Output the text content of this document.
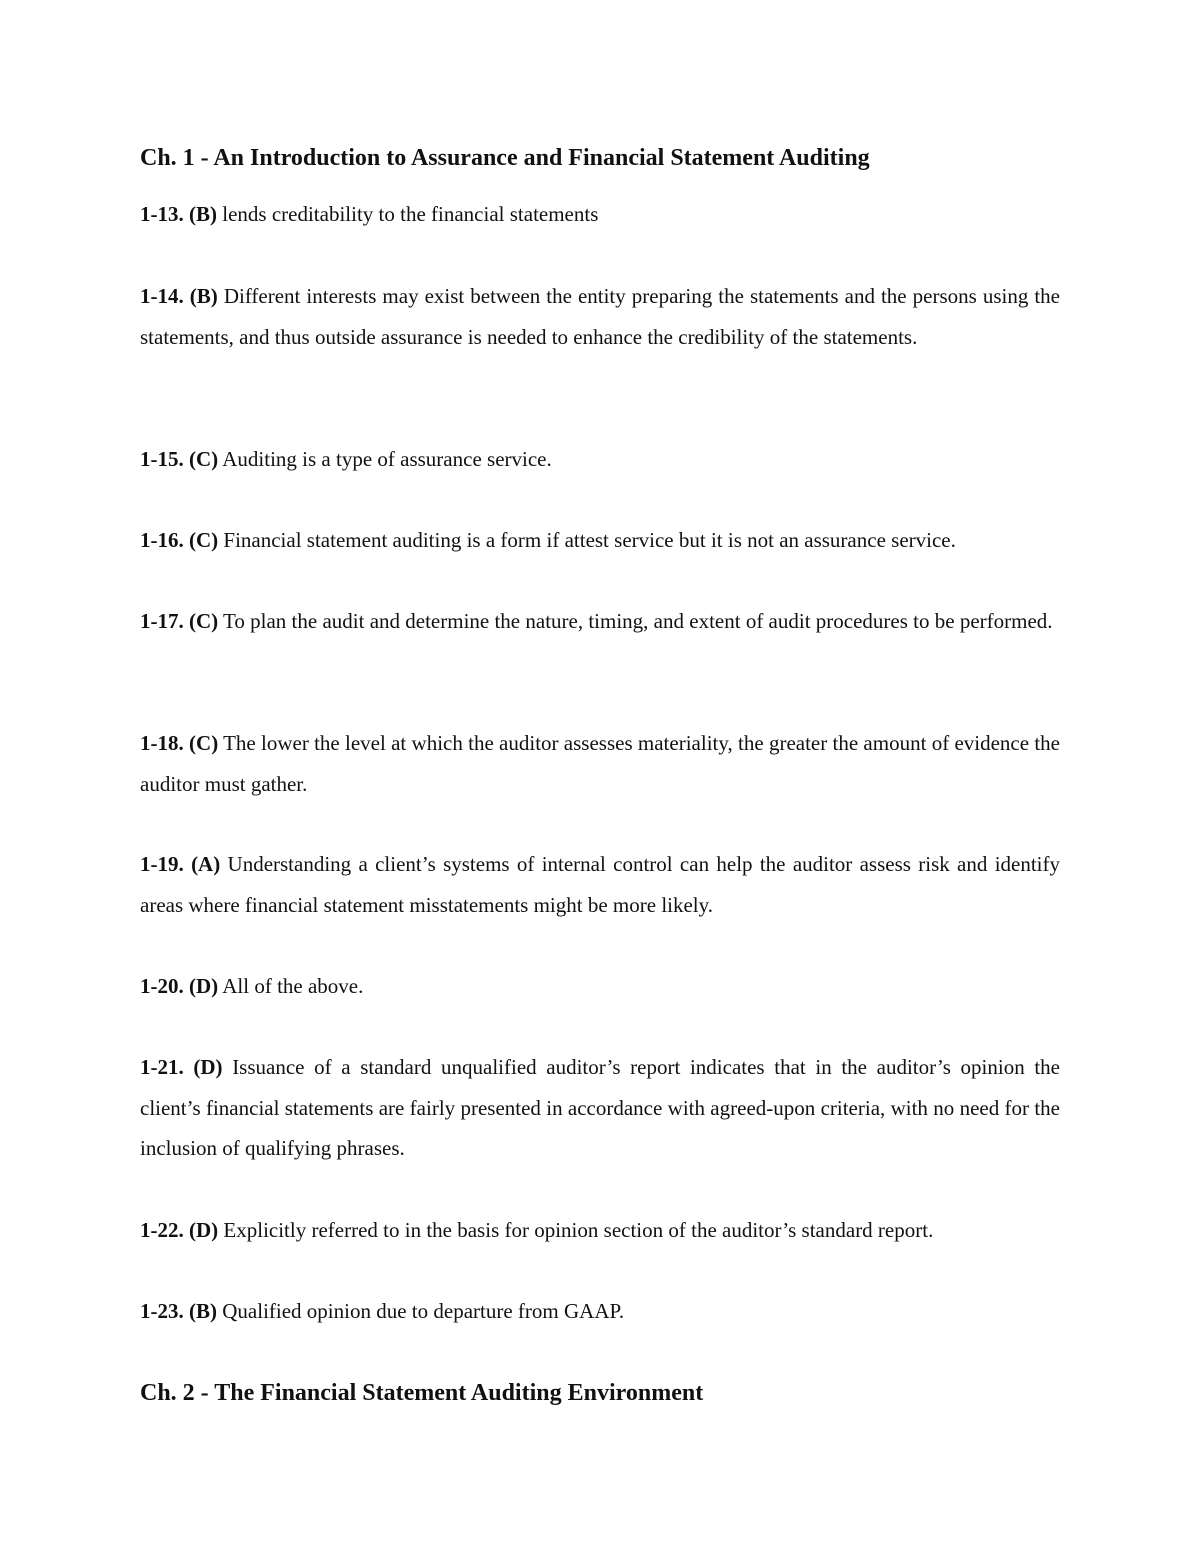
Ch. 1 - An Introduction to Assurance and Financial Statement Auditing

1-13. (B) lends creditability to the financial statements

1-14. (B) Different interests may exist between the entity preparing the statements and the persons using the statements, and thus outside assurance is needed to enhance the credibility of the statements.

1-15. (C) Auditing is a type of assurance service.

1-16. (C) Financial statement auditing is a form if attest service but it is not an assurance service.

1-17. (C) To plan the audit and determine the nature, timing, and extent of audit procedures to be performed.

1-18. (C) The lower the level at which the auditor assesses materiality, the greater the amount of evidence the auditor must gather.

1-19. (A) Understanding a client’s systems of internal control can help the auditor assess risk and identify areas where financial statement misstatements might be more likely.

1-20. (D) All of the above.

1-21. (D) Issuance of a standard unqualified auditor’s report indicates that in the auditor’s opinion the client’s financial statements are fairly presented in accordance with agreed-upon criteria, with no need for the inclusion of qualifying phrases.

1-22. (D) Explicitly referred to in the basis for opinion section of the auditor’s standard report.

1-23. (B) Qualified opinion due to departure from GAAP.

Ch. 2 - The Financial Statement Auditing Environment
